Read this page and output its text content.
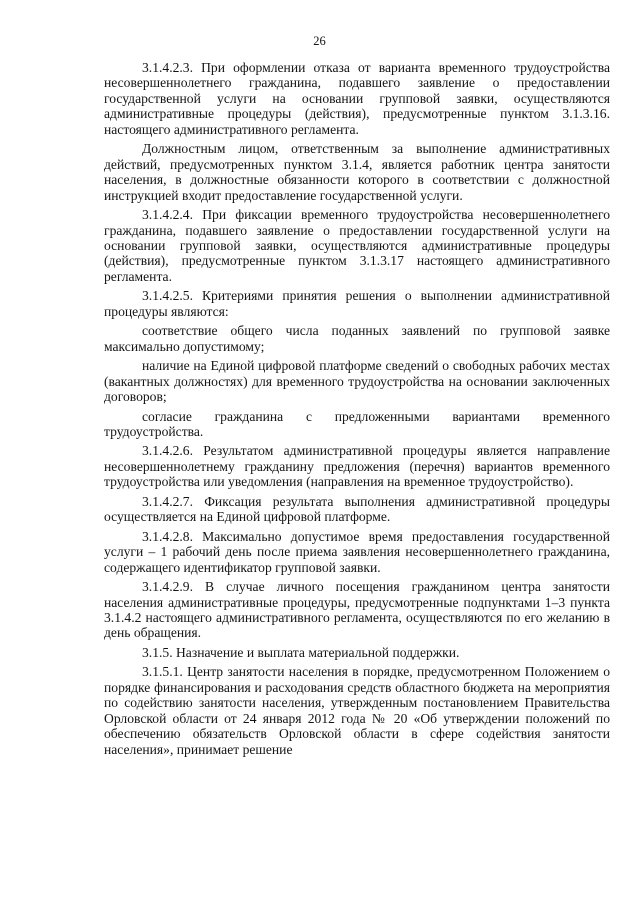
26

3.1.4.2.3. При оформлении отказа от варианта временного трудоустройства несовершеннолетнего гражданина, подавшего заявление о предоставлении государственной услуги на основании групповой заявки, осуществляются административные процедуры (действия), предусмотренные пунктом 3.1.3.16. настоящего административного регламента.

Должностным лицом, ответственным за выполнение административных действий, предусмотренных пунктом 3.1.4, является работник центра занятости населения, в должностные обязанности которого в соответствии с должностной инструкцией входит предоставление государственной услуги.

3.1.4.2.4. При фиксации временного трудоустройства несовершеннолетнего гражданина, подавшего заявление о предоставлении государственной услуги на основании групповой заявки, осуществляются административные процедуры (действия), предусмотренные пунктом 3.1.3.17 настоящего административного регламента.

3.1.4.2.5. Критериями принятия решения о выполнении административной процедуры являются:

соответствие общего числа поданных заявлений по групповой заявке максимально допустимому;

наличие на Единой цифровой платформе сведений о свободных рабочих местах (вакантных должностях) для временного трудоустройства на основании заключенных договоров;

согласие гражданина с предложенными вариантами временного трудоустройства.

3.1.4.2.6. Результатом административной процедуры является направление несовершеннолетнему гражданину предложения (перечня) вариантов временного трудоустройства или уведомления (направления на временное трудоустройство).

3.1.4.2.7. Фиксация результата выполнения административной процедуры осуществляется на Единой цифровой платформе.

3.1.4.2.8. Максимально допустимое время предоставления государственной услуги – 1 рабочий день после приема заявления несовершеннолетнего гражданина, содержащего идентификатор групповой заявки.

3.1.4.2.9. В случае личного посещения гражданином центра занятости населения административные процедуры, предусмотренные подпунктами 1–3 пункта 3.1.4.2 настоящего административного регламента, осуществляются по его желанию в день обращения.

3.1.5. Назначение и выплата материальной поддержки.

3.1.5.1. Центр занятости населения в порядке, предусмотренном Положением о порядке финансирования и расходования средств областного бюджета на мероприятия по содействию занятости населения, утвержденным постановлением Правительства Орловской области от 24 января 2012 года № 20 «Об утверждении положений по обеспечению обязательств Орловской области в сфере содействия занятости населения», принимает решение
